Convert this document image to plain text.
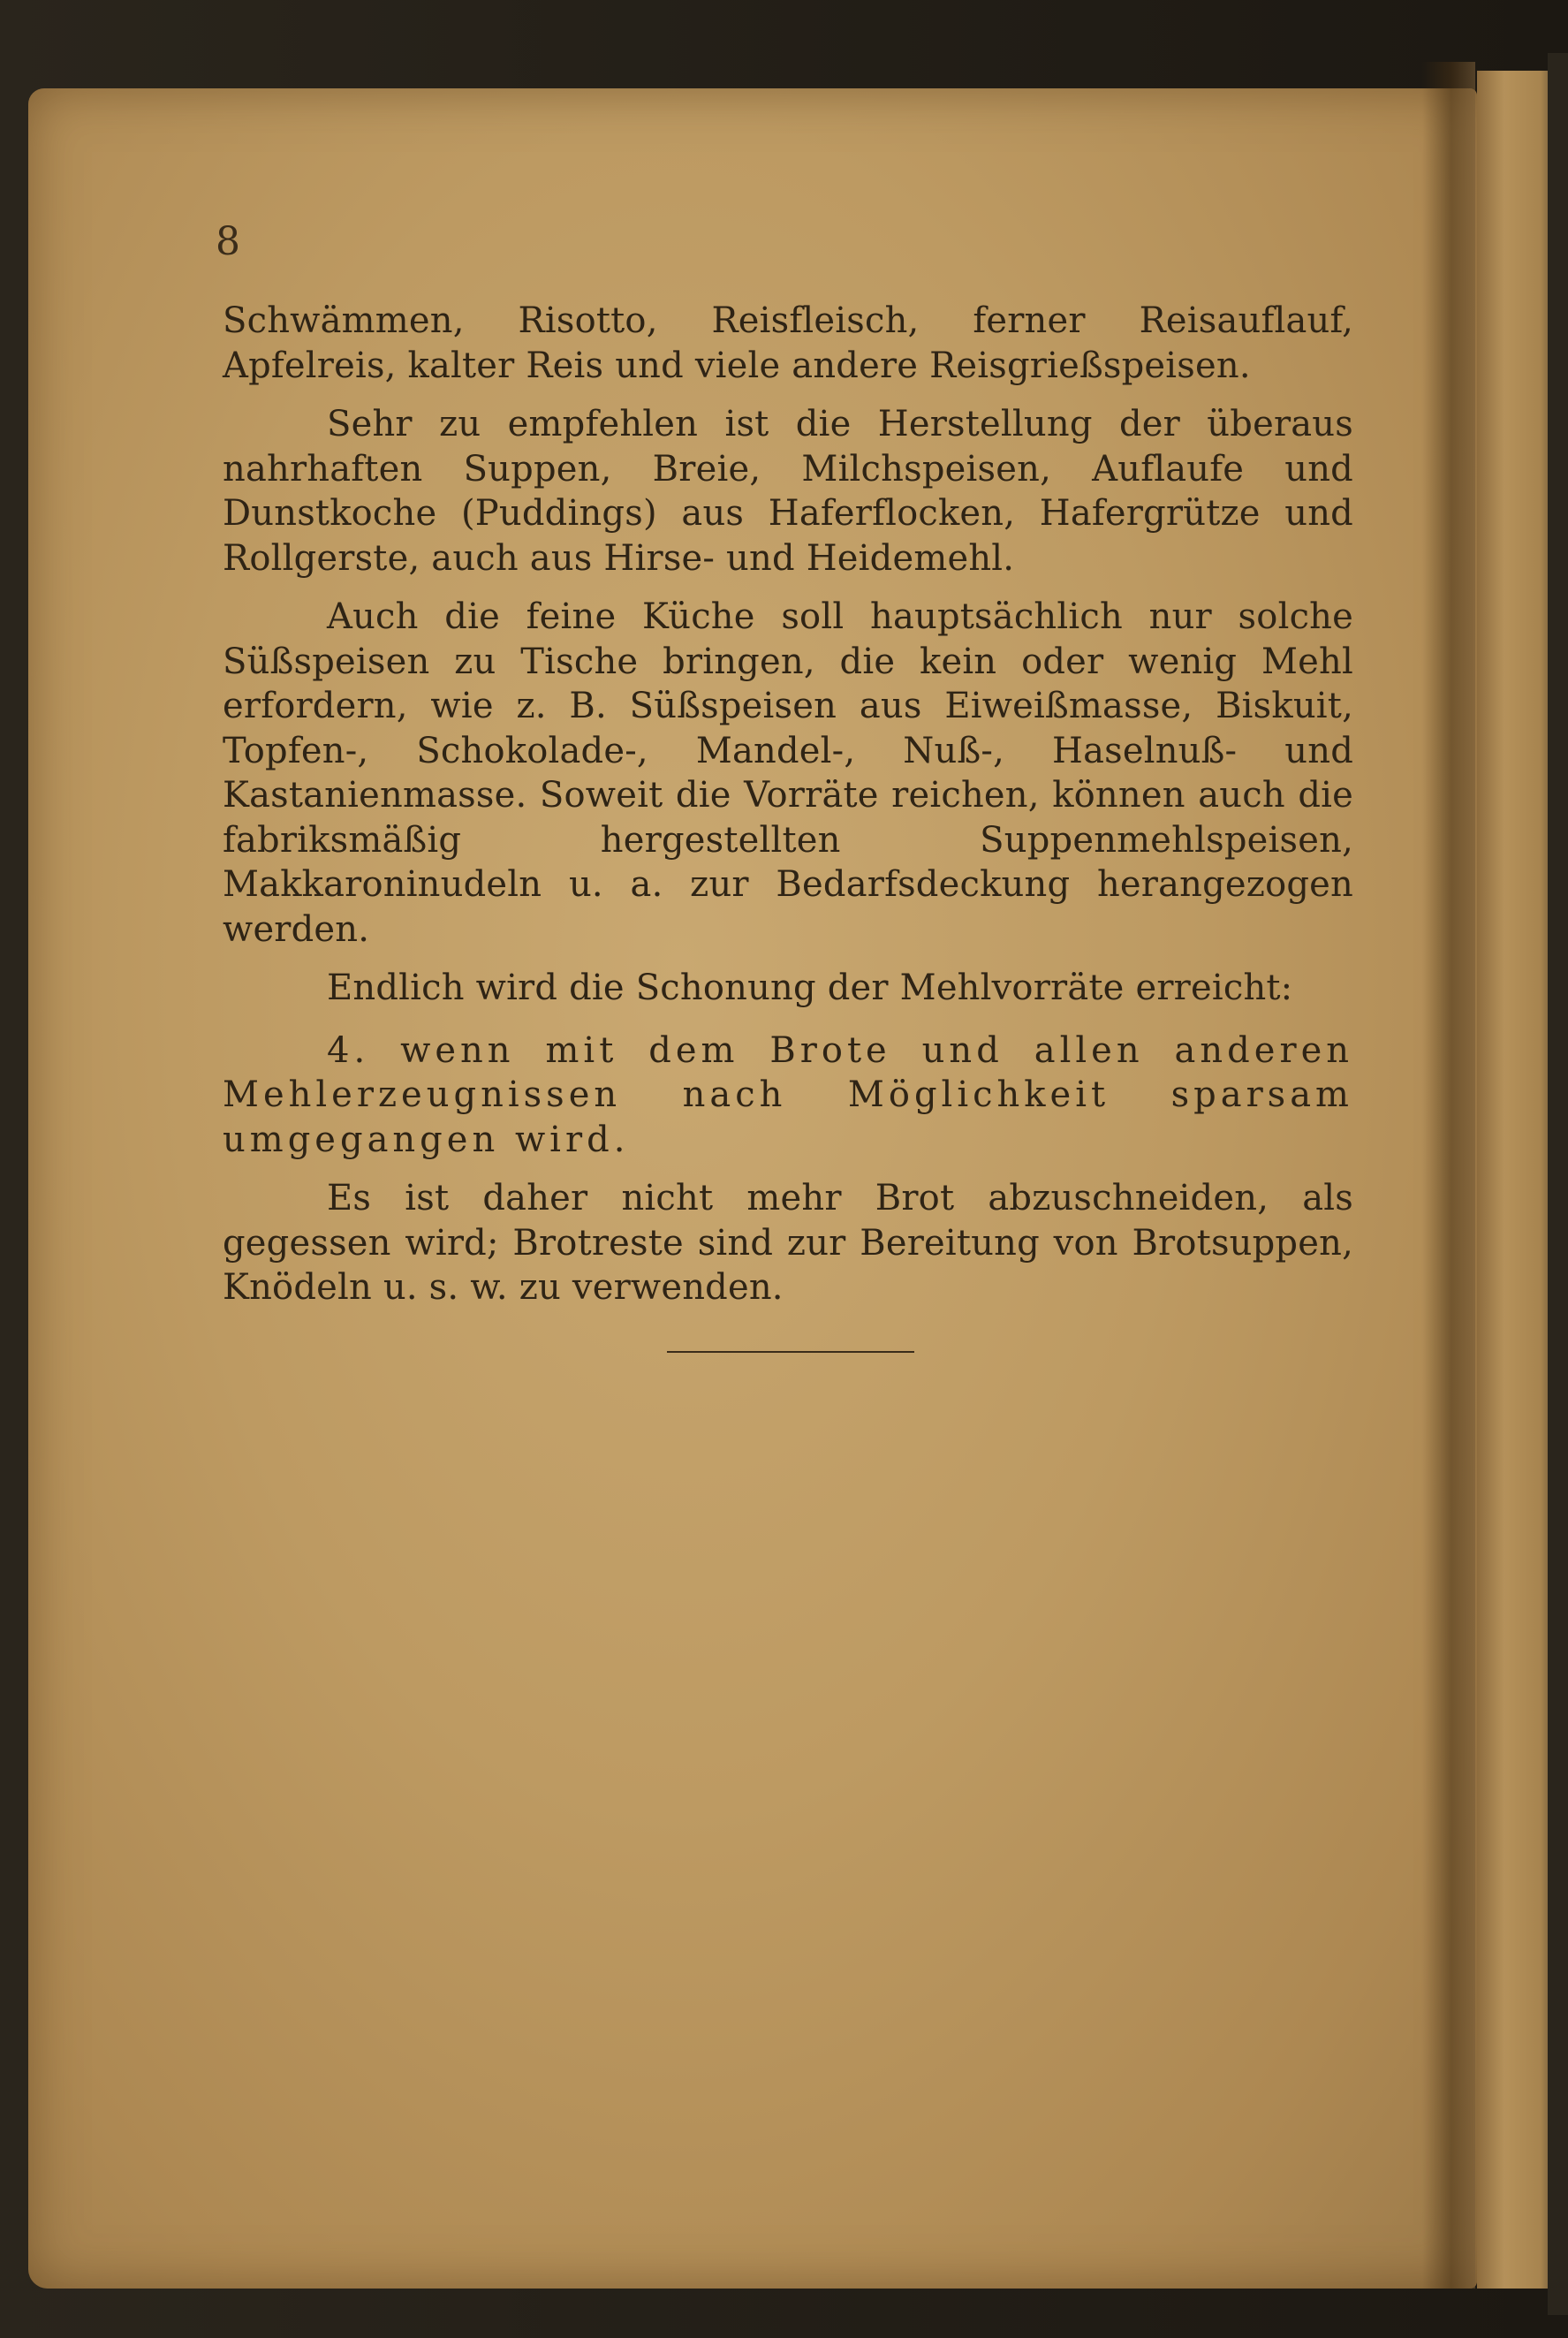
8

Schwämmen, Risotto, Reisfleisch, ferner Reisauflauf, Apfelreis, kalter Reis und viele andere Reisgrießspeisen.

Sehr zu empfehlen ist die Herstellung der überaus nahrhaften Suppen, Breie, Milchspeisen, Auflaufe und Dunstkoche (Puddings) aus Haferflocken, Hafergrütze und Rollgerste, auch aus Hirse- und Heidemehl.

Auch die feine Küche soll hauptsächlich nur solche Süßspeisen zu Tische bringen, die kein oder wenig Mehl erfordern, wie z. B. Süßspeisen aus Eiweißmasse, Biskuit, Topfen-, Schokolade-, Mandel-, Nuß-, Haselnuß- und Kastanienmasse. Soweit die Vorräte reichen, können auch die fabriksmäßig hergestellten Suppenmehlspeisen, Makkaroninudeln u. a. zur Bedarfsdeckung herangezogen werden.

Endlich wird die Schonung der Mehlvorräte erreicht:

4. wenn mit dem Brote und allen anderen Mehlerzeugnissen nach Möglichkeit sparsam umgegangen wird.

Es ist daher nicht mehr Brot abzuschneiden, als gegessen wird; Brotreste sind zur Bereitung von Brotsuppen, Knödeln u. s. w. zu verwenden.
